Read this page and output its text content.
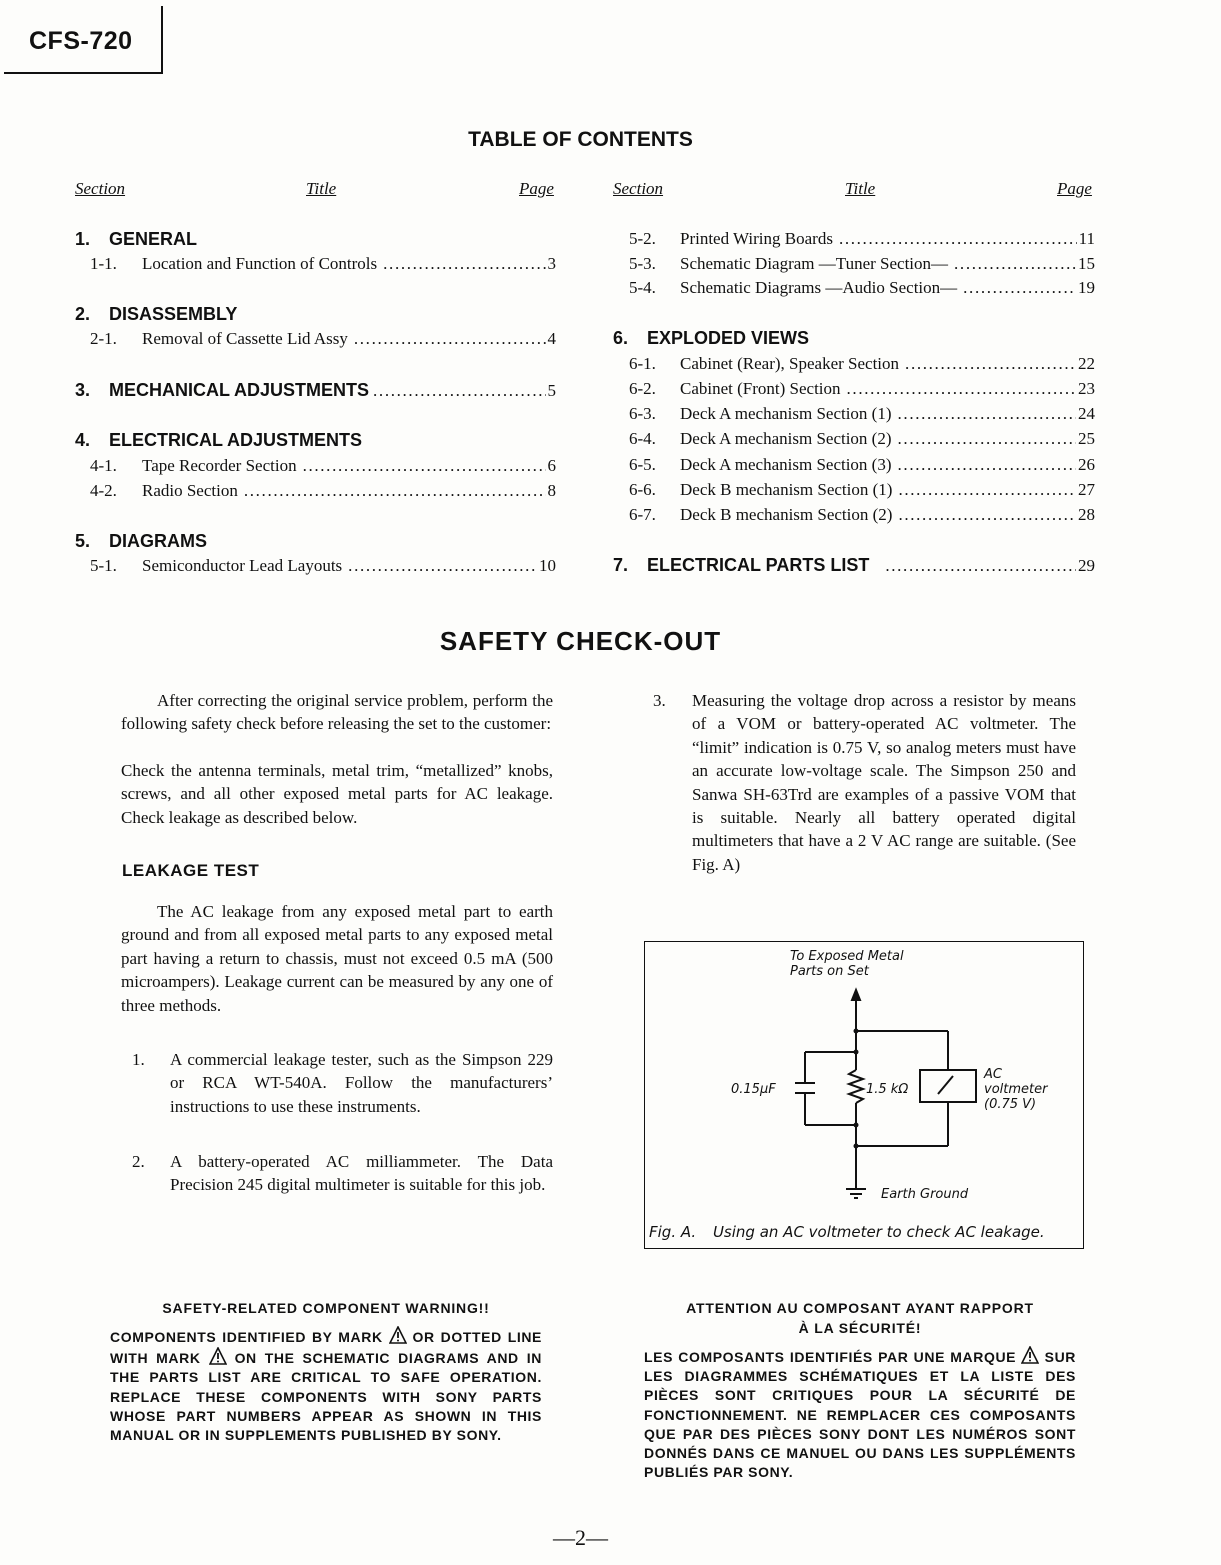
CFS-720
TABLE OF CONTENTS
Section	Title	Page	Section	Title	Page
1.	GENERAL
1-1.	Location and Function of Controls . . .	3
2.	DISASSEMBLY
2-1.	Removal of Cassette Lid Assy . . .	4
3.	MECHANICAL ADJUSTMENTS . . .	5
4.	ELECTRICAL ADJUSTMENTS
4-1.	Tape Recorder Section . . .	6
4-2.	Radio Section . . .	8
5.	DIAGRAMS
5-1.	Semiconductor Lead Layouts . . .	10
5-2.	Printed Wiring Boards . . .	11
5-3.	Schematic Diagram —Tuner Section— . . .	15
5-4.	Schematic Diagrams —Audio Section— . . .	19
6.	EXPLODED VIEWS
6-1.	Cabinet (Rear), Speaker Section . . .	22
6-2.	Cabinet (Front) Section . . .	23
6-3.	Deck A mechanism Section (1) . . .	24
6-4.	Deck A mechanism Section (2) . . .	25
6-5.	Deck A mechanism Section (3) . . .	26
6-6.	Deck B mechanism Section (1) . . .	27
6-7.	Deck B mechanism Section (2) . . .	28
7.	ELECTRICAL PARTS LIST . . .	29
SAFETY CHECK-OUT
After correcting the original service problem, perform the following safety check before releasing the set to the customer:
Check the antenna terminals, metal trim, “metallized” knobs, screws, and all other exposed metal parts for AC leakage. Check leakage as described below.
LEAKAGE TEST
The AC leakage from any exposed metal part to earth ground and from all exposed metal parts to any exposed metal part having a return to chassis, must not exceed 0.5 mA (500 microampers). Leakage current can be measured by any one of three methods.
1. A commercial leakage tester, such as the Simpson 229 or RCA WT-540A. Follow the manufacturers’ instructions to use these instruments.
2. A battery-operated AC milliammeter. The Data Precision 245 digital multimeter is suitable for this job.
3. Measuring the voltage drop across a resistor by means of a VOM or battery-operated AC voltmeter. The “limit” indication is 0.75 V, so analog meters must have an accurate low-voltage scale. The Simpson 250 and Sanwa SH-63Trd are examples of a passive VOM that is suitable. Nearly all battery operated digital multimeters that have a 2 V AC range are suitable. (See Fig. A)
To Exposed Metal
Parts on Set
0.15μF	1.5 kΩ
AC
voltmeter
(0.75 V)
Earth Ground
Fig. A. Using an AC voltmeter to check AC leakage.
SAFETY-RELATED COMPONENT WARNING!!
COMPONENTS IDENTIFIED BY MARK OR DOTTED LINE WITH MARK ON THE SCHEMATIC DIAGRAMS AND IN THE PARTS LIST ARE CRITICAL TO SAFE OPERATION. REPLACE THESE COMPONENTS WITH SONY PARTS WHOSE PART NUMBERS APPEAR AS SHOWN IN THIS MANUAL OR IN SUPPLEMENTS PUBLISHED BY SONY.
ATTENTION AU COMPOSANT AYANT RAPPORT
À LA SÉCURITÉ!
LES COMPOSANTS IDENTIFIÉS PAR UNE MARQUE SUR LES DIAGRAMMES SCHÉMATIQUES ET LA LISTE DES PIÈCES SONT CRITIQUES POUR LA SÉCURITÉ DE FONCTIONNEMENT. NE REMPLACER CES COMPOSANTS QUE PAR DES PIÈCES SONY DONT LES NUMÉROS SONT DONNÉS DANS CE MANUEL OU DANS LES SUPPLÉMENTS PUBLIÉS PAR SONY.
—2—
